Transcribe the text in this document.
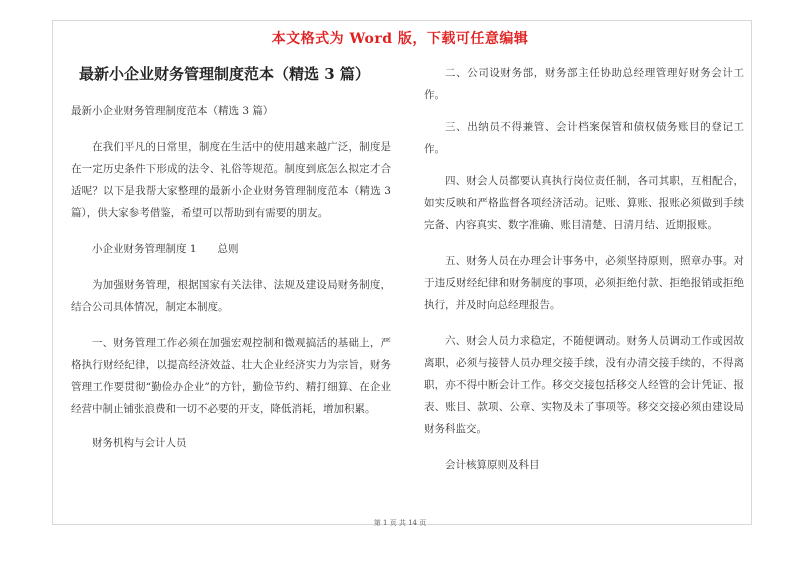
本文格式为 Word 版，下载可任意编辑
最新小企业财务管理制度范本（精选 3 篇）
最新小企业财务管理制度范本（精选 3 篇）
在我们平凡的日常里，制度在生活中的使用越来越广泛，制度是在一定历史条件下形成的法令、礼俗等规范。制度到底怎么拟定才合适呢？以下是我帮大家整理的最新小企业财务管理制度范本（精选 3 篇），供大家参考借鉴，希望可以帮助到有需要的朋友。
小企业财务管理制度 1　　总则
为加强财务管理，根据国家有关法律、法规及建设局财务制度，结合公司具体情况，制定本制度。
一、财务管理工作必须在加强宏观控制和微观搞活的基础上，严格执行财经纪律，以提高经济效益、壮大企业经济实力为宗旨，财务管理工作要贯彻“勤俭办企业”的方针，勤俭节约、精打细算、在企业经营中制止铺张浪费和一切不必要的开支，降低消耗，增加积累。
财务机构与会计人员
二、公司设财务部，财务部主任协助总经理管理好财务会计工作。
三、出纳员不得兼管、会计档案保管和债权债务账目的登记工作。
四、财会人员都要认真执行岗位责任制，各司其职，互相配合，如实反映和严格监督各项经济活动。记账、算账、报账必须做到手续完备、内容真实、数字准确、账目清楚、日清月结、近期报账。
五、财务人员在办理会计事务中，必须坚持原则，照章办事。对于违反财经纪律和财务制度的事项，必须拒绝付款、拒绝报销或拒绝执行，并及时向总经理报告。
六、财会人员力求稳定，不随便调动。财务人员调动工作或因故离职，必须与接替人员办理交接手续，没有办清交接手续的，不得离职，亦不得中断会计工作。移交交接包括移交人经管的会计凭证、报表、账目、款项、公章、实物及未了事项等。移交交接必须由建设局财务科监交。
会计核算原则及科目
第 1 页 共 14 页
